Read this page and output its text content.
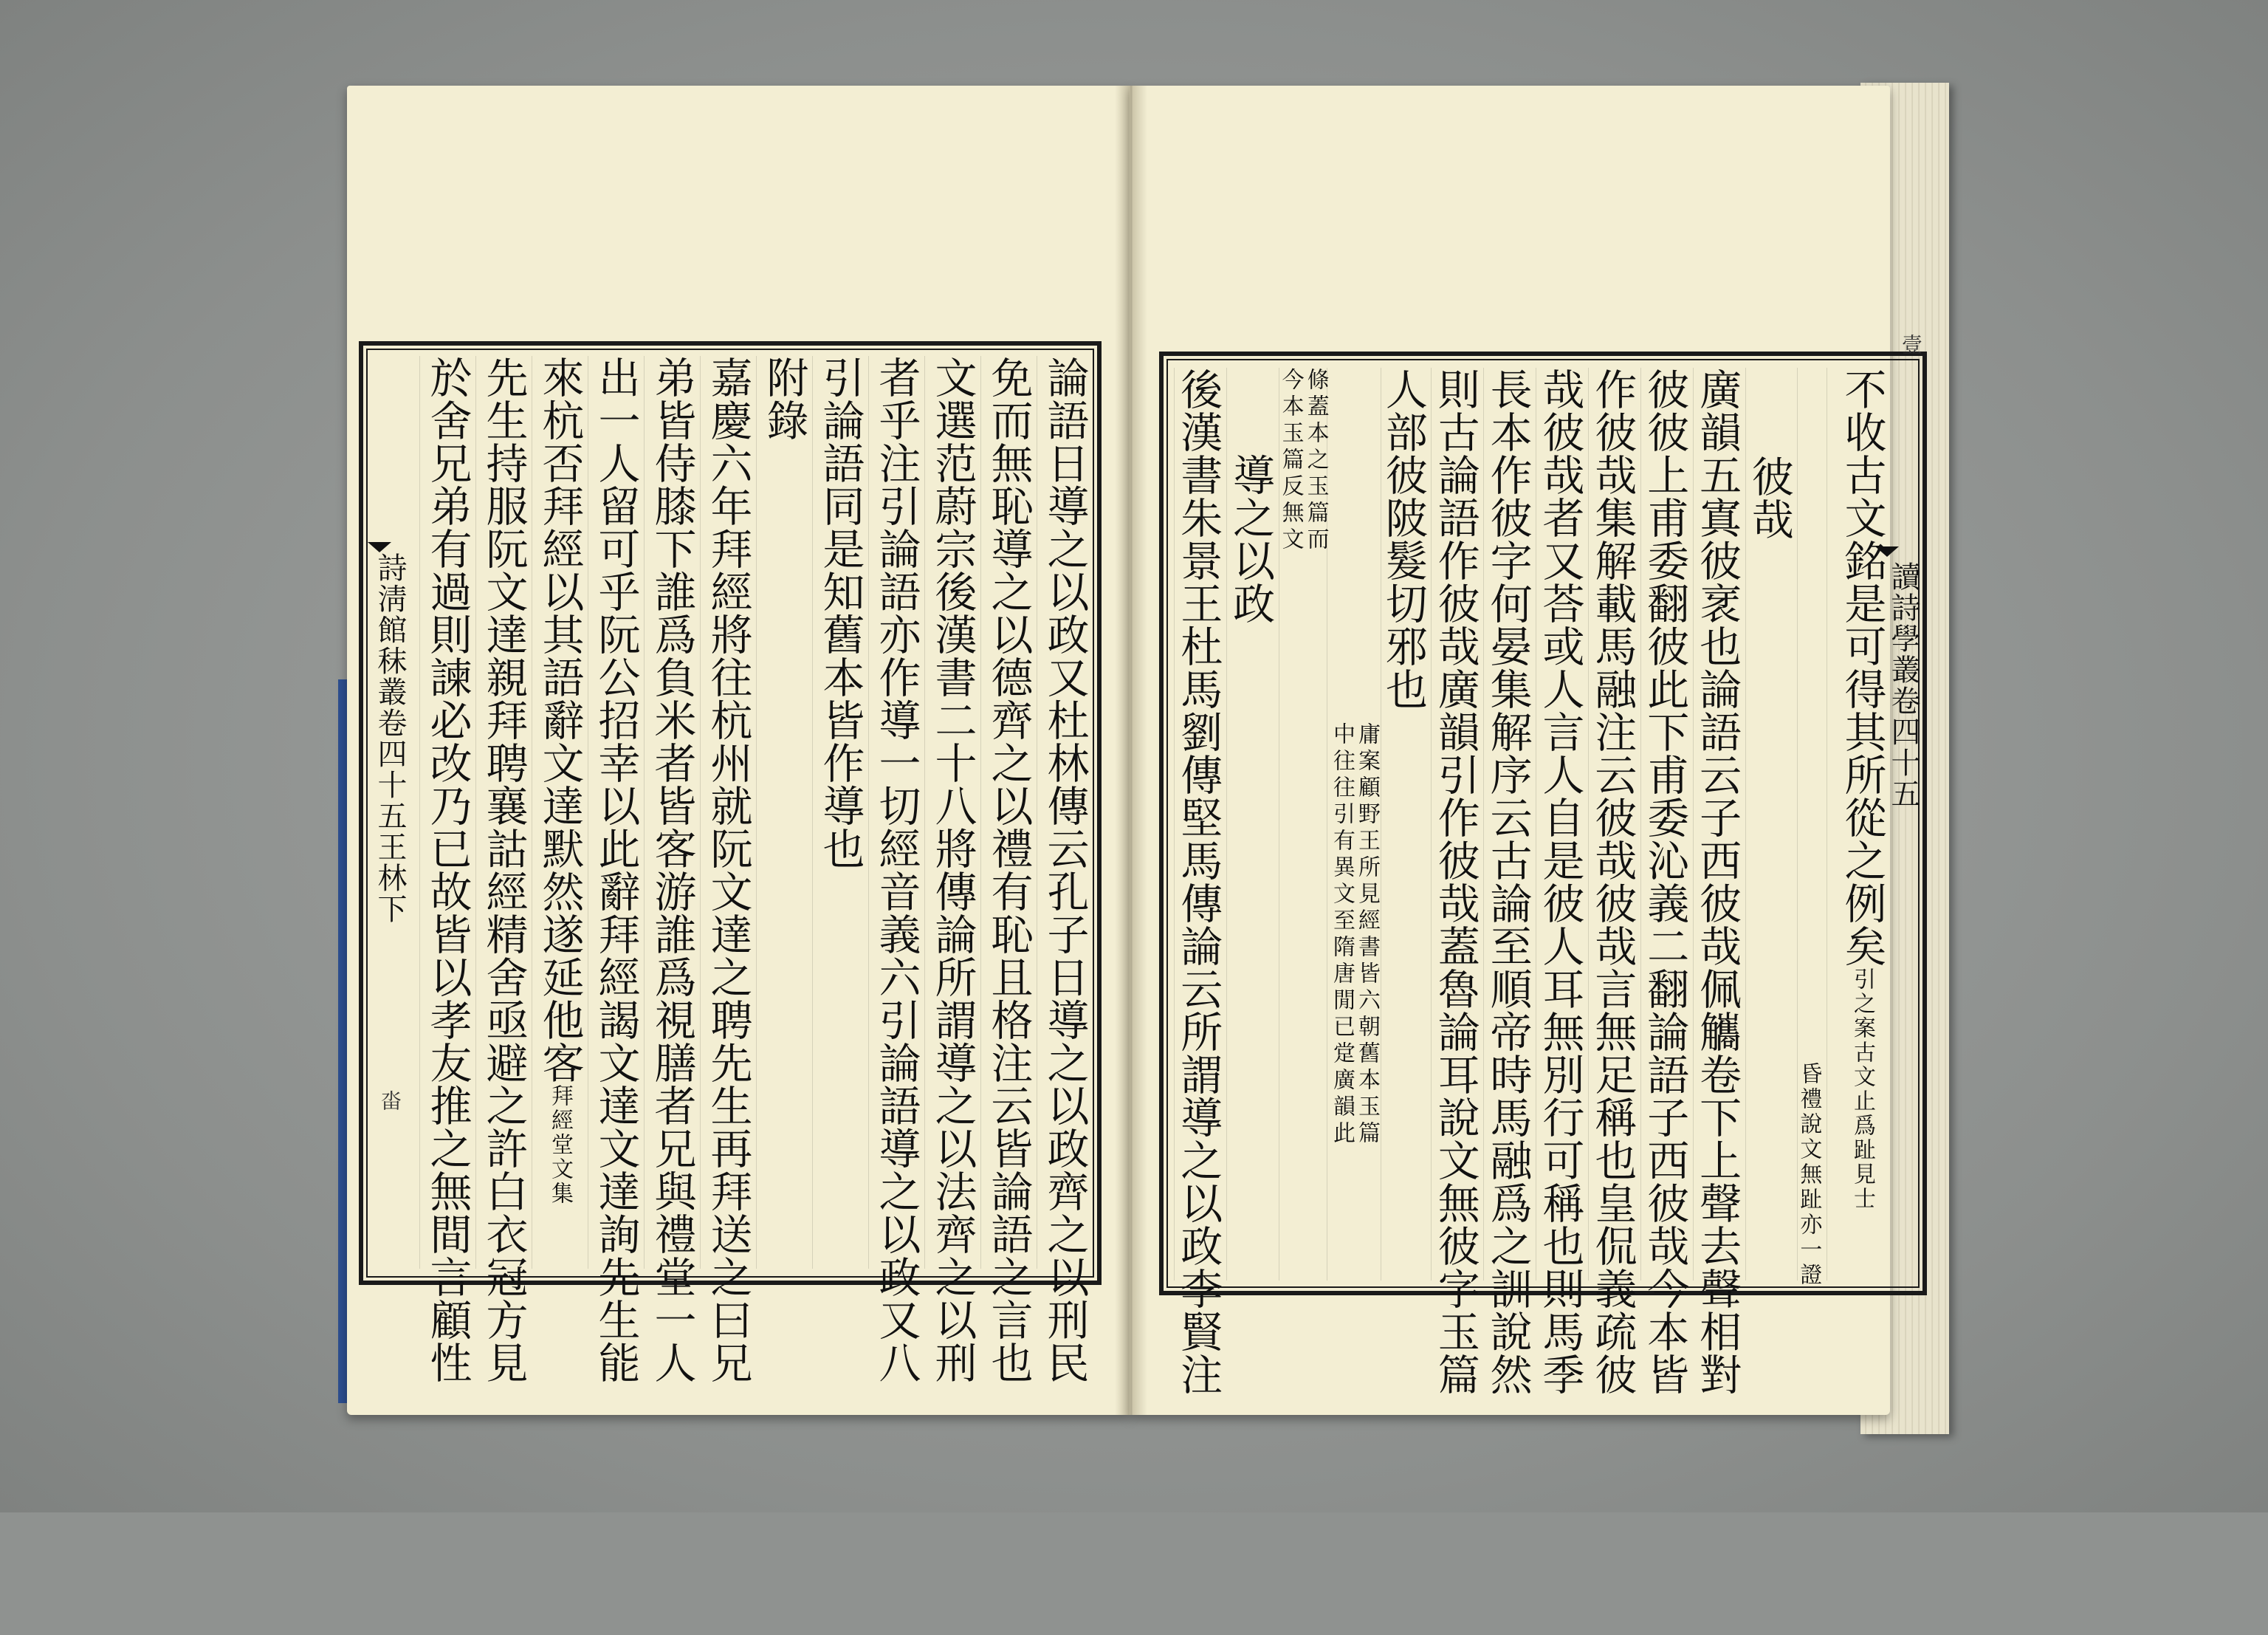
詩淸館秣叢卷四十五王林下
畓	論語日導之以政又杜林傳云孔子日導之以政齊之以刑民
免而無恥導之以德齊之以禮有恥且格注云皆論語之言也
文選范蔚宗後漢書二十八將傳論所謂導之以法齊之以刑
者乎注引論語亦作導一切經音義六引論語導之以政又八
引論語同是知舊本皆作導也
附錄
嘉慶六年拜經將往杭州就阮文達之聘先生再拜送之曰兄
弟皆侍膝下誰爲負米者皆客游誰爲視膳者兄與禮堂一人
出一人留可乎阮公招幸以此辭拜經謁文達文達詢先生能
來杭否拜經以其語辭文達默然遂延他客拜經堂文集
先生持服阮文達親拜聘襄詁經精舍亟避之許白衣冠方見
於舍兄弟有過則諫必改乃已故皆以孝友推之無間言顧性	讀詩學叢卷四十五
壹
不收古文銘是可得其所從之例矣引之案古文止爲趾見士
昏禮說文無趾亦一證
彼哉
廣韻五寘彼衺也論語云子西彼哉佩觿卷下上聲去聲相對
彼彼上甫委翻彼此下甫委沁義二翻論語子西彼哉今本皆
作彼哉集解載馬融注云彼哉彼哉言無足稱也皇侃義疏彼
哉彼哉者又荅或人言人自是彼人耳無別行可稱也則馬季
長本作彼字何晏集解序云古論至順帝時馬融爲之訓說然
則古論語作彼哉廣韻引作彼哉蓋魯論耳說文無彼字玉篇
人部彼陂髮切邪也
庸案顧野王所見經書皆六朝舊本玉篇
中往往引有異文至隋唐閒已䟫廣韻此
條蓋本之玉篇而
今本玉篇反無文
導之以政
後漢書朱景王杜馬劉傳堅馬傳論云所謂導之以政李賢注
